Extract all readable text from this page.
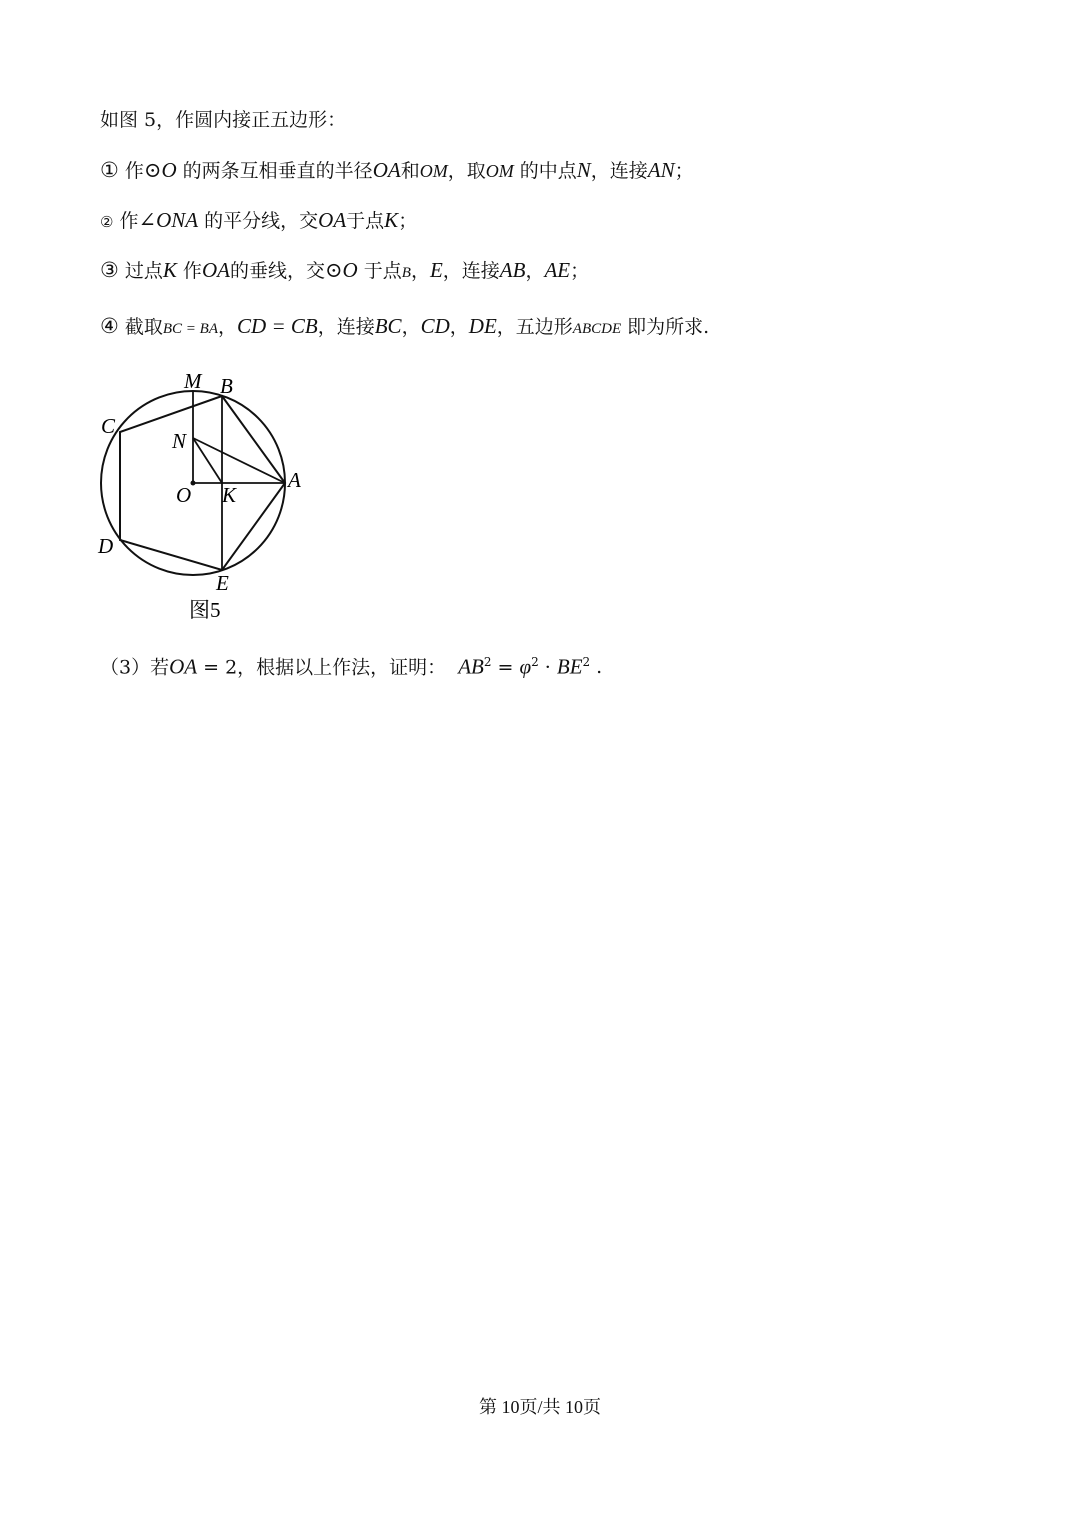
如图 5，作圆内接正五边形：
① 作⊙O 的两条互相垂直的半径OA和OM，取OM 的中点N，连接AN；
② 作∠ONA 的平分线，交OA于点K；
③ 过点K 作OA的垂线，交⊙O 于点B，E，连接AB，AE；
④ 截取BC = BA，CD = CB，连接BC，CD，DE，五边形ABCDE 即为所求.
M B
C
N
A
O K
D
E
图5
（3）若OA = 2，根据以上作法，证明： $AB^2 = \varphi^2 \cdot BE^2$ .
第 10页/共 10页
